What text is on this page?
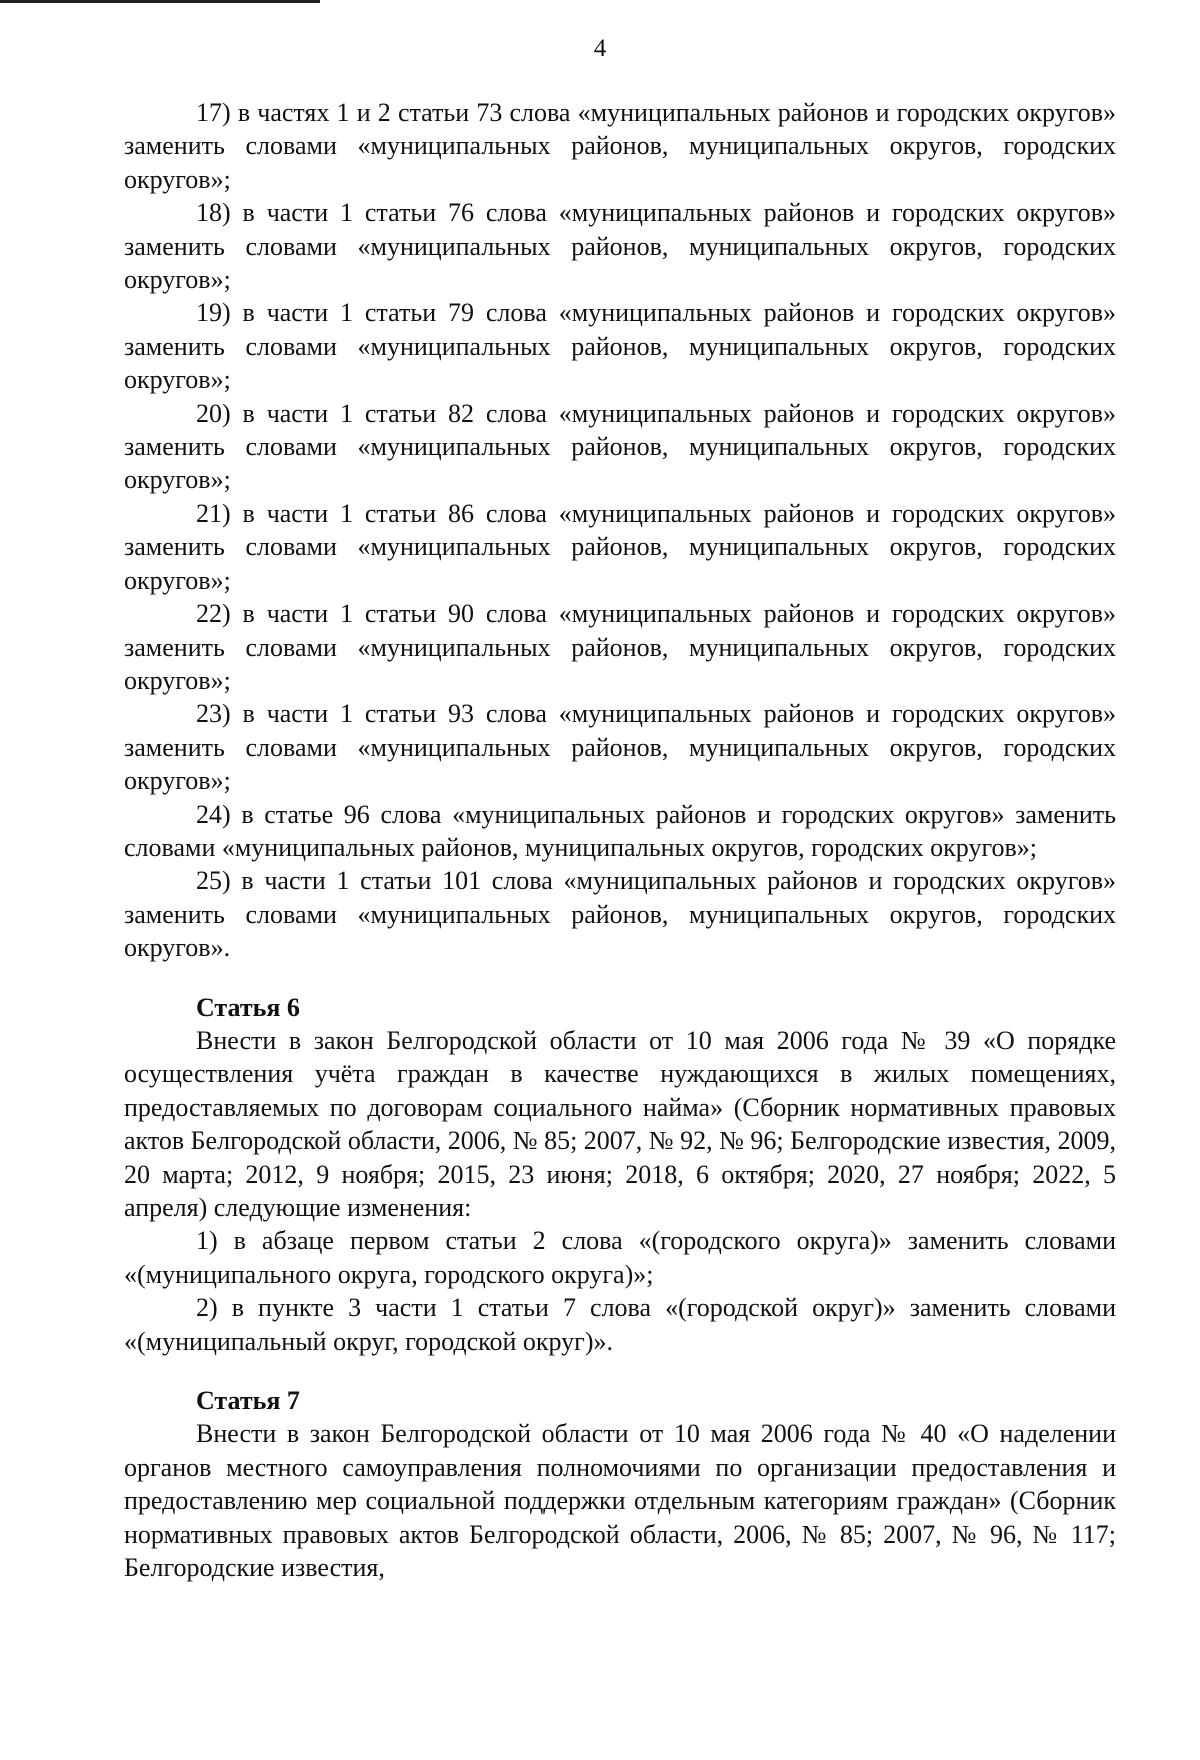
4

17) в частях 1 и 2 статьи 73 слова «муниципальных районов и городских округов» заменить словами «муниципальных районов, муниципальных округов, городских округов»;

18) в части 1 статьи 76 слова «муниципальных районов и городских округов» заменить словами «муниципальных районов, муниципальных округов, городских округов»;

19) в части 1 статьи 79 слова «муниципальных районов и городских округов» заменить словами «муниципальных районов, муниципальных округов, городских округов»;

20) в части 1 статьи 82 слова «муниципальных районов и городских округов» заменить словами «муниципальных районов, муниципальных округов, городских округов»;

21) в части 1 статьи 86 слова «муниципальных районов и городских округов» заменить словами «муниципальных районов, муниципальных округов, городских округов»;

22) в части 1 статьи 90 слова «муниципальных районов и городских округов» заменить словами «муниципальных районов, муниципальных округов, городских округов»;

23) в части 1 статьи 93 слова «муниципальных районов и городских округов» заменить словами «муниципальных районов, муниципальных округов, городских округов»;

24) в статье 96 слова «муниципальных районов и городских округов» заменить словами «муниципальных районов, муниципальных округов, городских округов»;

25) в части 1 статьи 101 слова «муниципальных районов и городских округов» заменить словами «муниципальных районов, муниципальных округов, городских округов».

Статья 6

Внести в закон Белгородской области от 10 мая 2006 года № 39 «О порядке осуществления учёта граждан в качестве нуждающихся в жилых помещениях, предоставляемых по договорам социального найма» (Сборник нормативных правовых актов Белгородской области, 2006, № 85; 2007, № 92, № 96; Белгородские известия, 2009, 20 марта; 2012, 9 ноября; 2015, 23 июня; 2018, 6 октября; 2020, 27 ноября; 2022, 5 апреля) следующие изменения:

1) в абзаце первом статьи 2 слова «(городского округа)» заменить словами «(муниципального округа, городского округа)»;

2) в пункте 3 части 1 статьи 7 слова «(городской округ)» заменить словами «(муниципальный округ, городской округ)».

Статья 7

Внести в закон Белгородской области от 10 мая 2006 года № 40 «О наделении органов местного самоуправления полномочиями по организации предоставления и предоставлению мер социальной поддержки отдельным категориям граждан» (Сборник нормативных правовых актов Белгородской области, 2006, № 85; 2007, № 96, № 117; Белгородские известия,
